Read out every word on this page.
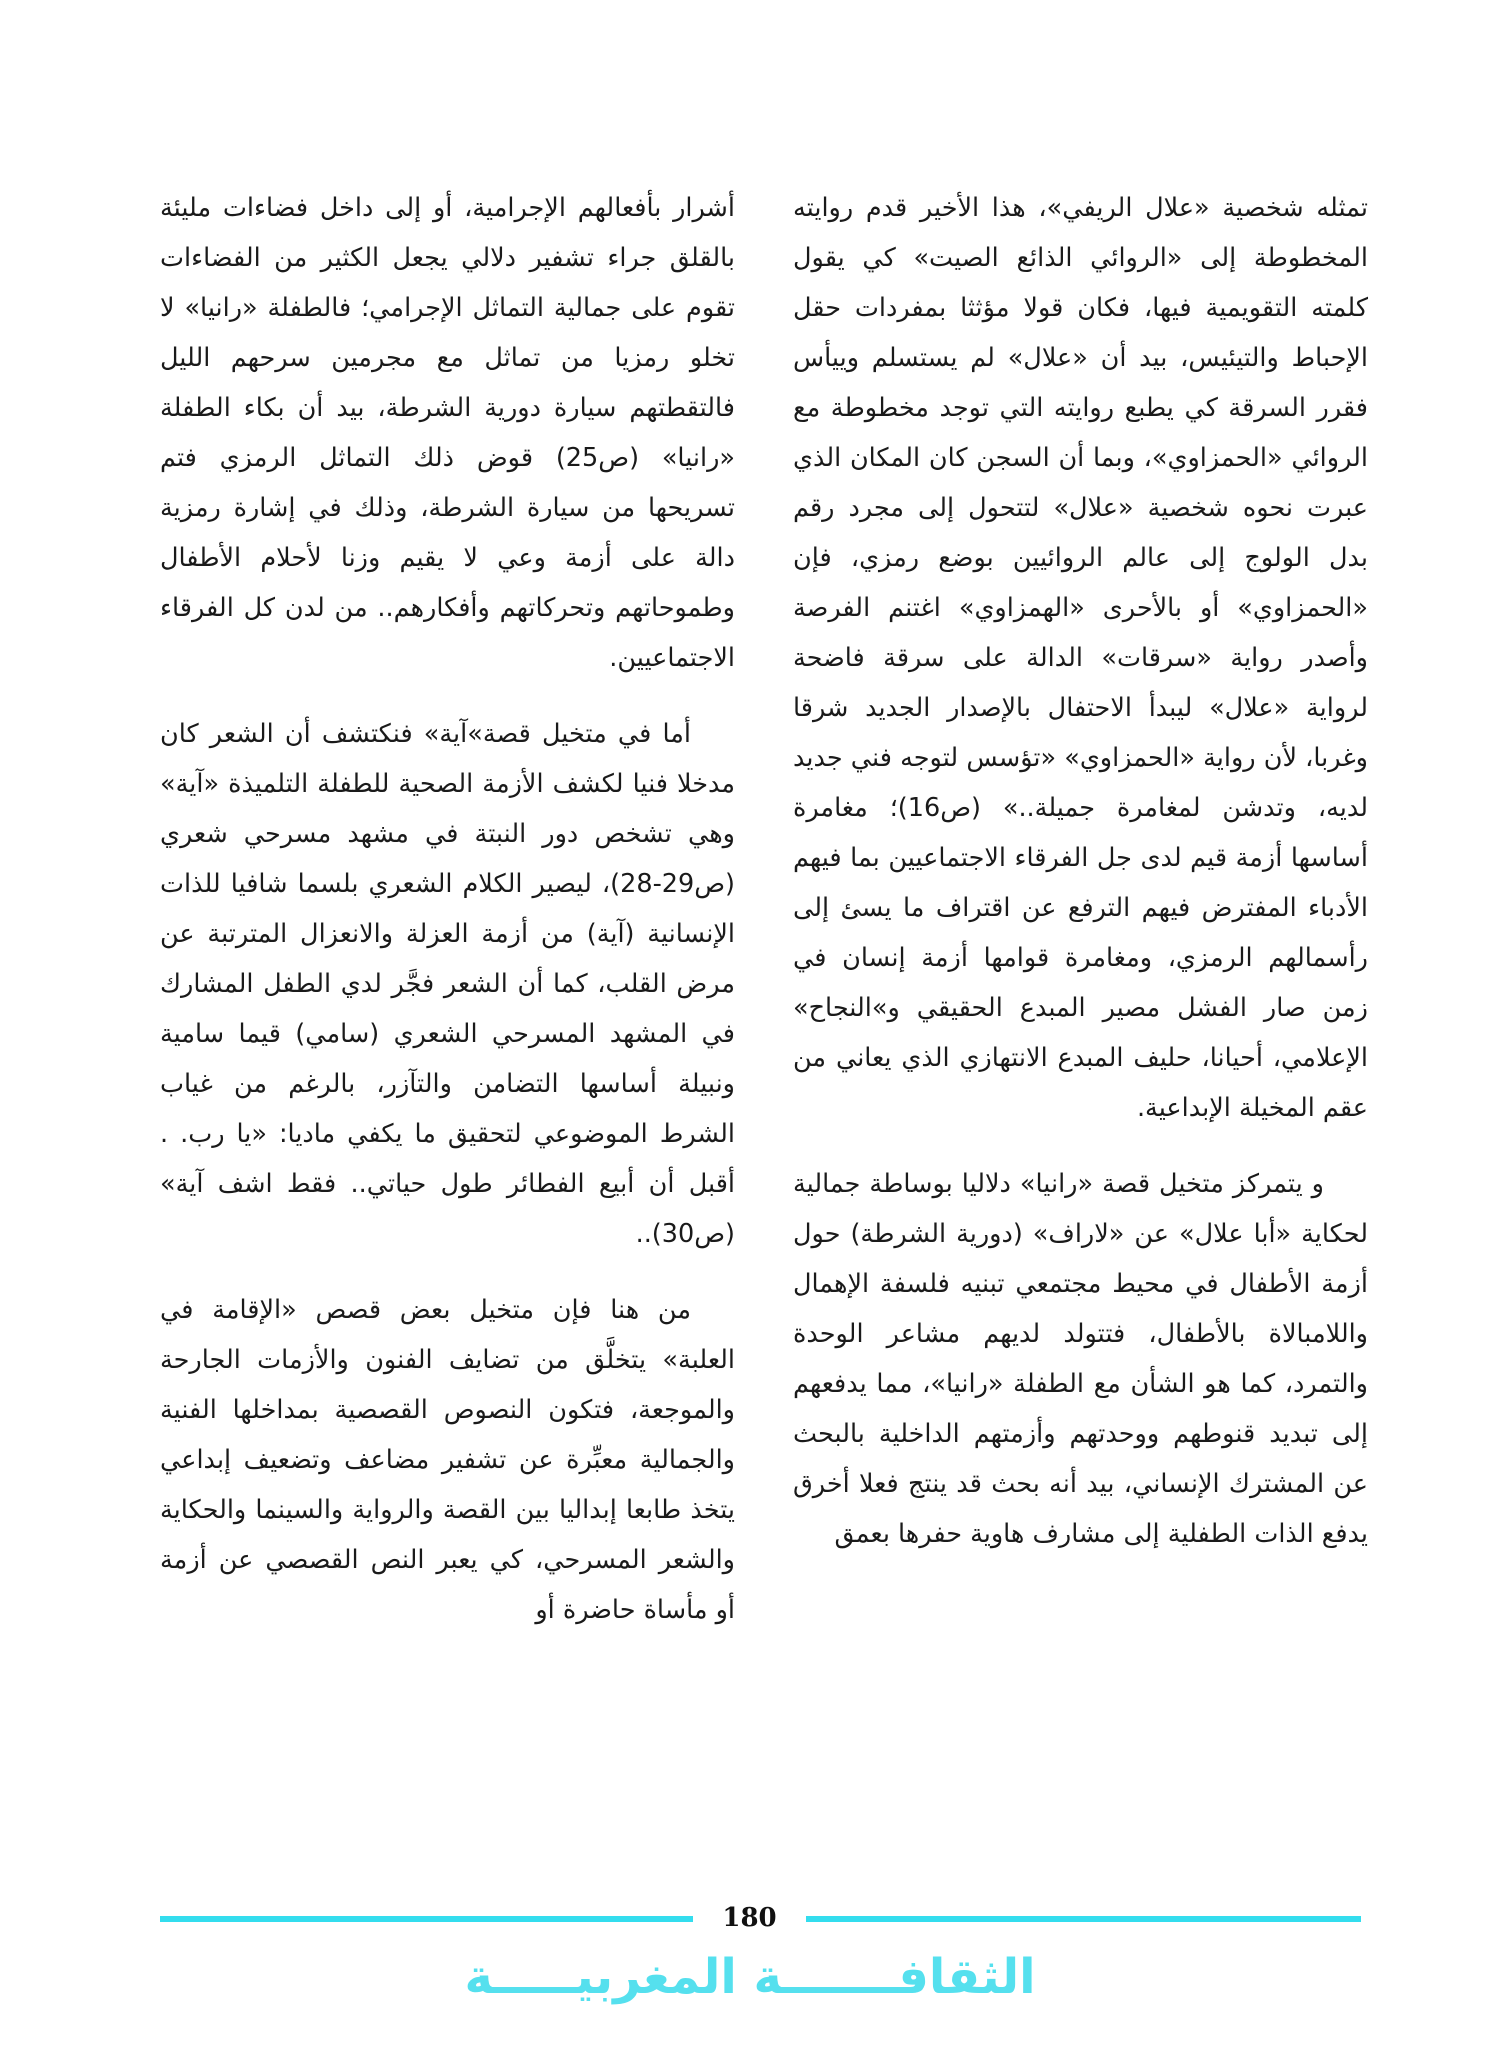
تمثله شخصية «علال الريفي»، هذا الأخير قدم روايته المخطوطة إلى «الروائي الذائع الصيت» كي يقول كلمته التقويمية فيها، فكان قولا مؤثثا بمفردات حقل الإحباط والتيئيس، بيد أن «علال» لم يستسلم وييأس فقرر السرقة كي يطبع روايته التي توجد مخطوطة مع الروائي «الحمزاوي»، وبما أن السجن كان المكان الذي عبرت نحوه شخصية «علال» لتتحول إلى مجرد رقم بدل الولوج إلى عالم الروائيين بوضع رمزي، فإن «الحمزاوي» أو بالأحرى «الهمزاوي» اغتنم الفرصة وأصدر رواية «سرقات» الدالة على سرقة فاضحة لرواية «علال» ليبدأ الاحتفال بالإصدار الجديد شرقا وغربا، لأن رواية «الحمزاوي» «تؤسس لتوجه فني جديد لديه، وتدشن لمغامرة جميلة..» (ص16)؛ مغامرة أساسها أزمة قيم لدى جل الفرقاء الاجتماعيين بما فيهم الأدباء المفترض فيهم الترفع عن اقتراف ما يسئ إلى رأسمالهم الرمزي، ومغامرة قوامها أزمة إنسان في زمن صار الفشل مصير المبدع الحقيقي و»النجاح» الإعلامي، أحيانا، حليف المبدع الانتهازي الذي يعاني من عقم المخيلة الإبداعية.

و يتمركز متخيل قصة «رانيا» دلاليا بوساطة جمالية لحكاية «أبا علال» عن «لاراف» (دورية الشرطة) حول أزمة الأطفال في محيط مجتمعي تبنيه فلسفة الإهمال واللامبالاة بالأطفال، فتتولد لديهم مشاعر الوحدة والتمرد، كما هو الشأن مع الطفلة «رانيا»، مما يدفعهم إلى تبديد قنوطهم ووحدتهم وأزمتهم الداخلية بالبحث عن المشترك الإنساني، بيد أنه بحث قد ينتج فعلا أخرق يدفع الذات الطفلية إلى مشارف هاوية حفرها بعمق

أشرار بأفعالهم الإجرامية، أو إلى داخل فضاءات مليئة بالقلق جراء تشفير دلالي يجعل الكثير من الفضاءات تقوم على جمالية التماثل الإجرامي؛ فالطفلة «رانيا» لا تخلو رمزيا من تماثل مع مجرمين سرحهم الليل فالتقطتهم سيارة دورية الشرطة، بيد أن بكاء الطفلة «رانيا» (ص25) قوض ذلك التماثل الرمزي فتم تسريحها من سيارة الشرطة، وذلك في إشارة رمزية دالة على أزمة وعي لا يقيم وزنا لأحلام الأطفال وطموحاتهم وتحركاتهم وأفكارهم.. من لدن كل الفرقاء الاجتماعيين.

أما في متخيل قصة»آية» فنكتشف أن الشعر كان مدخلا فنيا لكشف الأزمة الصحية للطفلة التلميذة «آية» وهي تشخص دور النبتة في مشهد مسرحي شعري (ص29-28)، ليصير الكلام الشعري بلسما شافيا للذات الإنسانية (آية) من أزمة العزلة والانعزال المترتبة عن مرض القلب، كما أن الشعر فجَّر لدي الطفل المشارك في المشهد المسرحي الشعري (سامي) قيما سامية ونبيلة أساسها التضامن والتآزر، بالرغم من غياب الشرط الموضوعي لتحقيق ما يكفي ماديا: «يا رب. . أقبل أن أبيع الفطائر طول حياتي.. فقط اشف آية» (ص30)..

من هنا فإن متخيل بعض قصص «الإقامة في العلبة» يتخلَّق من تضايف الفنون والأزمات الجارحة والموجعة، فتكون النصوص القصصية بمداخلها الفنية والجمالية معبِّرة عن تشفير مضاعف وتضعيف إبداعي يتخذ طابعا إبداليا بين القصة والرواية والسينما والحكاية والشعر المسرحي، كي يعبر النص القصصي عن أزمة أو مأساة حاضرة أو

180
الثقافـــــــة المغربيـــــة
